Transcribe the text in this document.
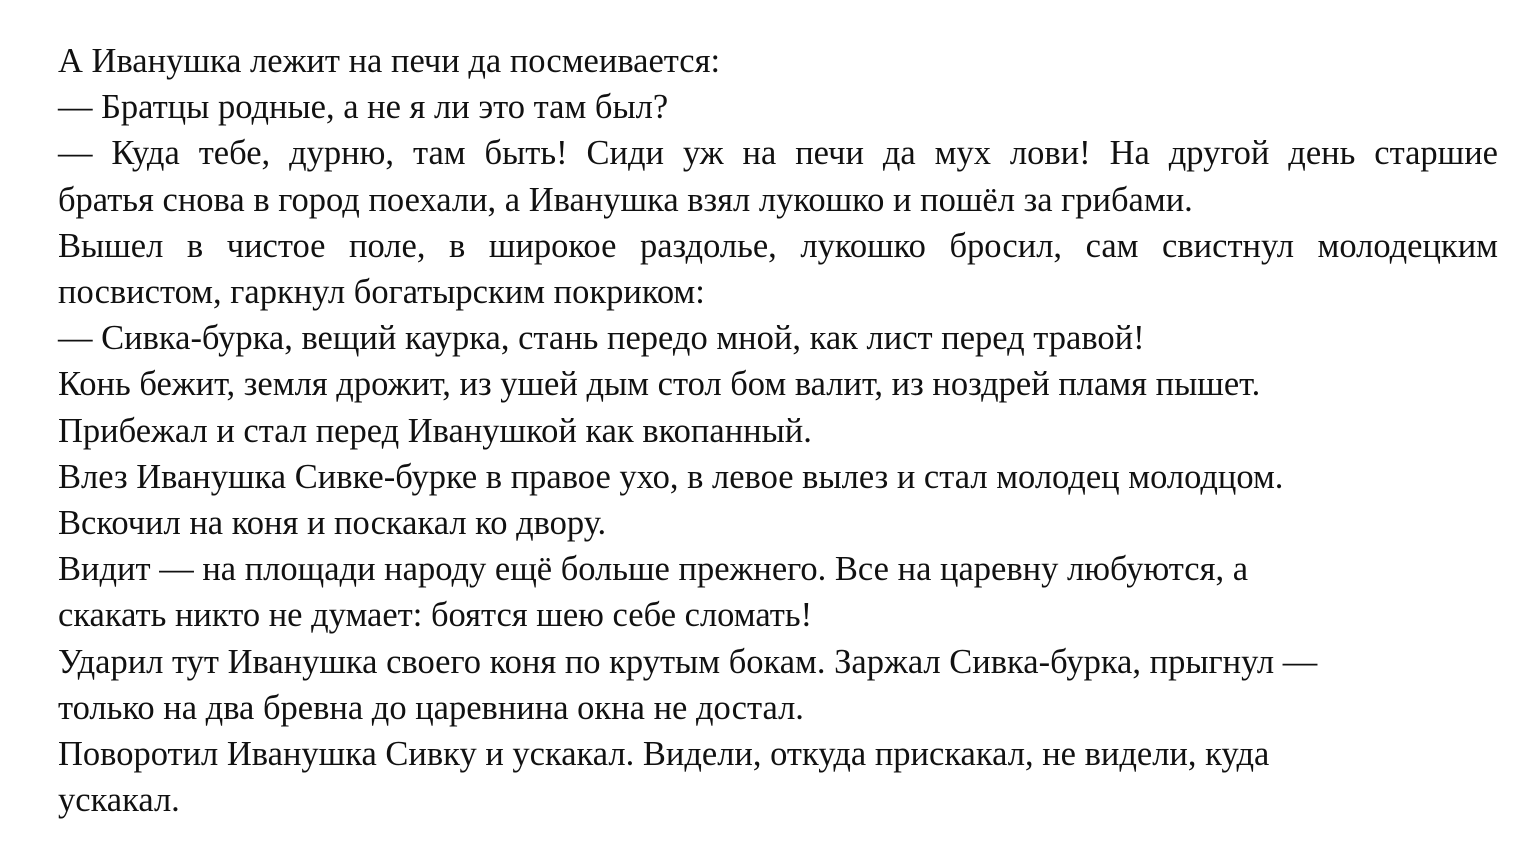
А Иванушка лежит на печи да посмеивается:
— Братцы родные, а не я ли это там был?
— Куда тебе, дурню, там быть! Сиди уж на печи да мух лови! На другой день старшие
братья снова в город поехали, а Иванушка взял лукошко и пошёл за грибами.
Вышел в чистое поле, в широкое раздолье, лукошко бросил, сам свистнул молодецким
посвистом, гаркнул богатырским покриком:
— Сивка-бурка, вещий каурка, стань передо мной, как лист перед травой!
Конь бежит, земля дрожит, из ушей дым стол бом валит, из ноздрей пламя пышет.
Прибежал и стал перед Иванушкой как вкопанный.
Влез Иванушка Сивке-бурке в правое ухо, в левое вылез и стал молодец молодцом.
Вскочил на коня и поскакал ко двору.
Видит — на площади народу ещё больше прежнего. Все на царевну любуются, а
скакать никто не думает: боятся шею себе сломать!
Ударил тут Иванушка своего коня по крутым бокам. Заржал Сивка-бурка, прыгнул —
только на два бревна до царевнина окна не достал.
Поворотил Иванушка Сивку и ускакал. Видели, откуда прискакал, не видели, куда
ускакал.
